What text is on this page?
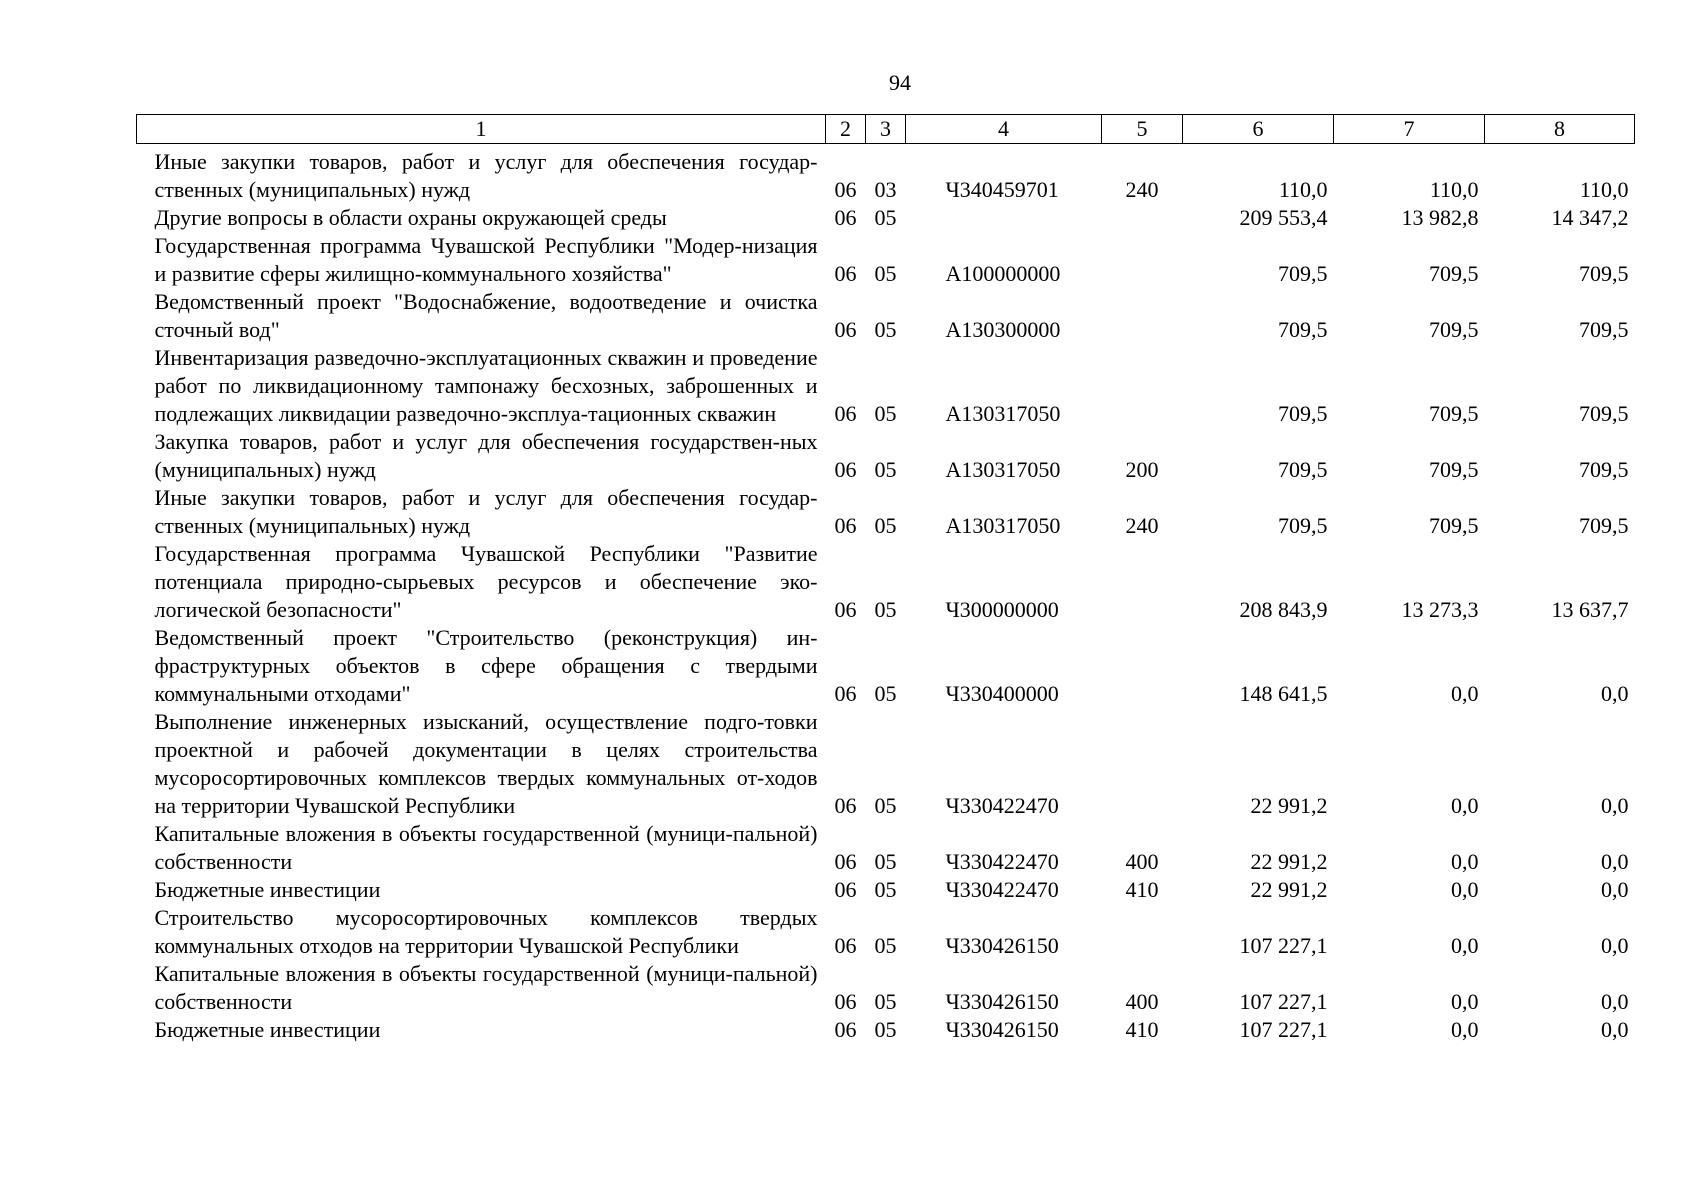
94
1	2	3	4	5	6	7	8
Иные закупки товаров, работ и услуг для обеспечения государ-ственных (муниципальных) нужд	06	03	Ч340459701	240	110,0	110,0	110,0
Другие вопросы в области охраны окружающей среды	06	05			209 553,4	13 982,8	14 347,2
Государственная программа Чувашской Республики "Модер-низация и развитие сферы жилищно-коммунального хозяйства"	06	05	А100000000		709,5	709,5	709,5
Ведомственный проект "Водоснабжение, водоотведение и очистка сточный вод"	06	05	А130300000		709,5	709,5	709,5
Инвентаризация разведочно-эксплуатационных скважин и проведение работ по ликвидационному тампонажу бесхозных, заброшенных и подлежащих ликвидации разведочно-эксплуа-тационных скважин	06	05	А130317050		709,5	709,5	709,5
Закупка товаров, работ и услуг для обеспечения государствен-ных (муниципальных) нужд	06	05	А130317050	200	709,5	709,5	709,5
Иные закупки товаров, работ и услуг для обеспечения государ-ственных (муниципальных) нужд	06	05	А130317050	240	709,5	709,5	709,5
Государственная программа Чувашской Республики "Развитие потенциала природно-сырьевых ресурсов и обеспечение эко-логической безопасности"	06	05	Ч300000000		208 843,9	13 273,3	13 637,7
Ведомственный проект "Строительство (реконструкция) ин-фраструктурных объектов в сфере обращения с твердыми коммунальными отходами"	06	05	Ч330400000		148 641,5	0,0	0,0
Выполнение инженерных изысканий, осуществление подго-товки проектной и рабочей документации в целях строительства мусоросортировочных комплексов твердых коммунальных от-ходов на территории Чувашской Республики	06	05	Ч330422470		22 991,2	0,0	0,0
Капитальные вложения в объекты государственной (муници-пальной) собственности	06	05	Ч330422470	400	22 991,2	0,0	0,0
Бюджетные инвестиции	06	05	Ч330422470	410	22 991,2	0,0	0,0
Строительство мусоросортировочных комплексов твердых коммунальных отходов на территории Чувашской Республики	06	05	Ч330426150		107 227,1	0,0	0,0
Капитальные вложения в объекты государственной (муници-пальной) собственности	06	05	Ч330426150	400	107 227,1	0,0	0,0
Бюджетные инвестиции	06	05	Ч330426150	410	107 227,1	0,0	0,0
